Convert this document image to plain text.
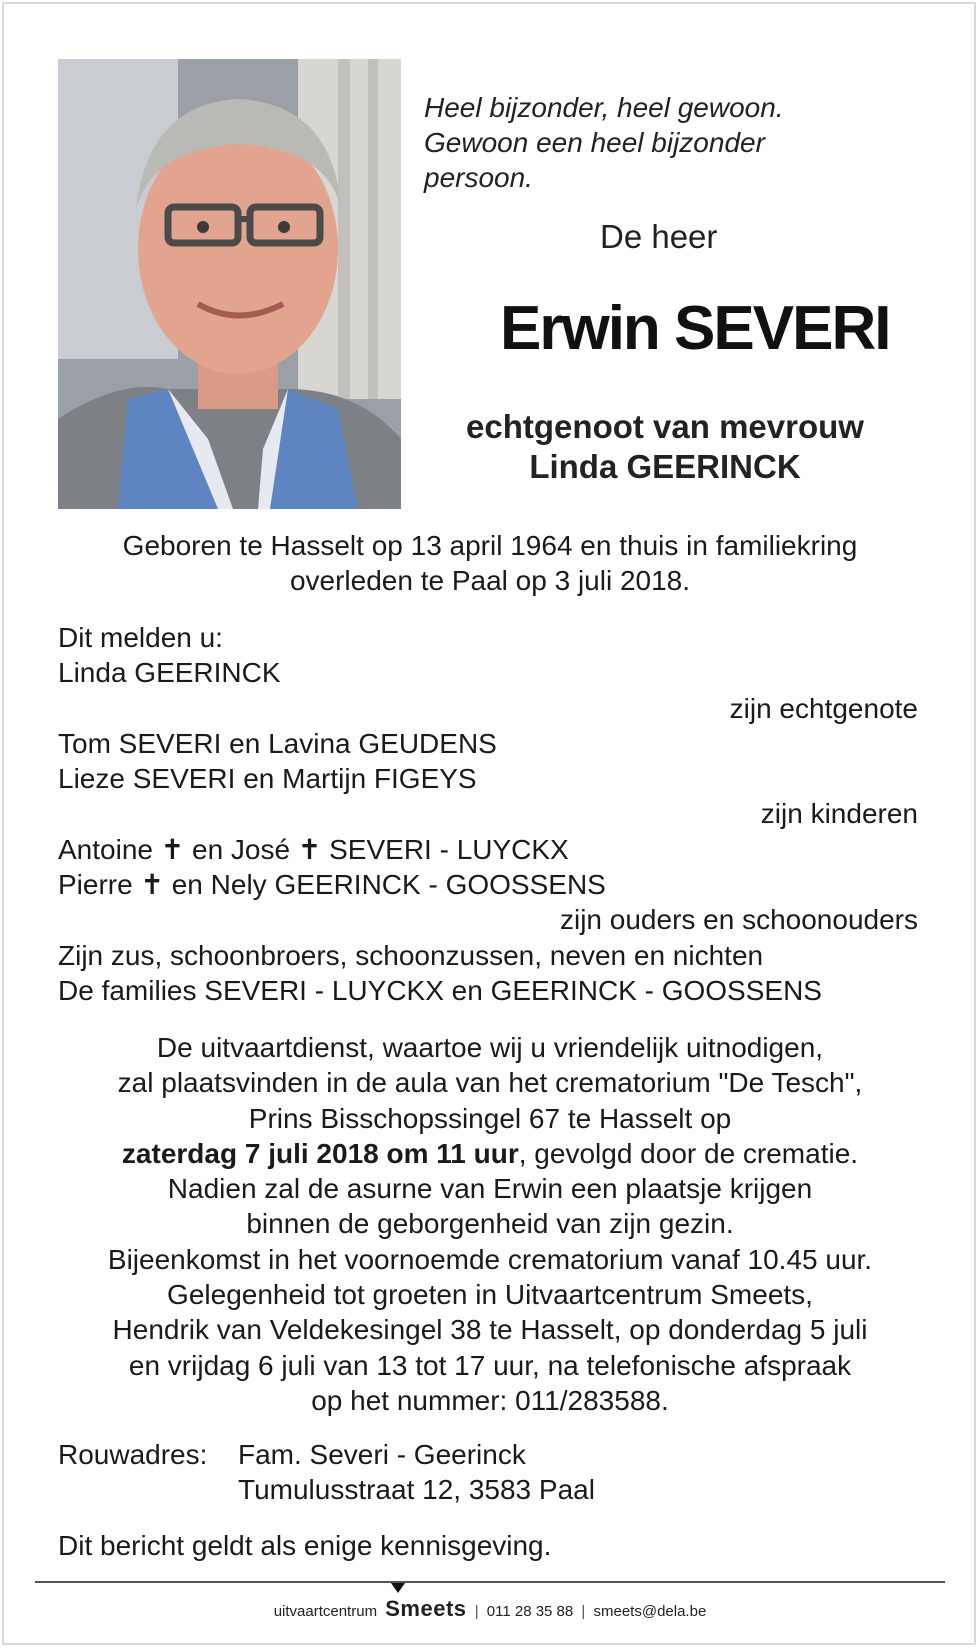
Heel bijzonder, heel gewoon.
Gewoon een heel bijzonder
persoon.
De heer
Erwin SEVERI
echtgenoot van mevrouw
Linda GEERINCK
Geboren te Hasselt op 13 april 1964 en thuis in familiekring
overleden te Paal op 3 juli 2018.
Dit melden u:
Linda GEERINCK
zijn echtgenote
Tom SEVERI en Lavina GEUDENS
Lieze SEVERI en Martijn FIGEYS
zijn kinderen
Antoine ✝ en José ✝ SEVERI - LUYCKX
Pierre ✝ en Nely GEERINCK - GOOSSENS
zijn ouders en schoonouders
Zijn zus, schoonbroers, schoonzussen, neven en nichten
De families SEVERI - LUYCKX en GEERINCK - GOOSSENS
De uitvaartdienst, waartoe wij u vriendelijk uitnodigen,
zal plaatsvinden in de aula van het crematorium "De Tesch",
Prins Bisschopssingel 67 te Hasselt op
zaterdag 7 juli 2018 om 11 uur, gevolgd door de crematie.
Nadien zal de asurne van Erwin een plaatsje krijgen
binnen de geborgenheid van zijn gezin.
Bijeenkomst in het voornoemde crematorium vanaf 10.45 uur.
Gelegenheid tot groeten in Uitvaartcentrum Smeets,
Hendrik van Veldekesingel 38 te Hasselt, op donderdag 5 juli
en vrijdag 6 juli van 13 tot 17 uur, na telefonische afspraak
op het nummer: 011/283588.
Rouwadres: Fam. Severi - Geerinck
Tumulusstraat 12, 3583 Paal
Dit bericht geldt als enige kennisgeving.
uitvaartcentrum Smeets | 011 28 35 88 | smeets@dela.be
